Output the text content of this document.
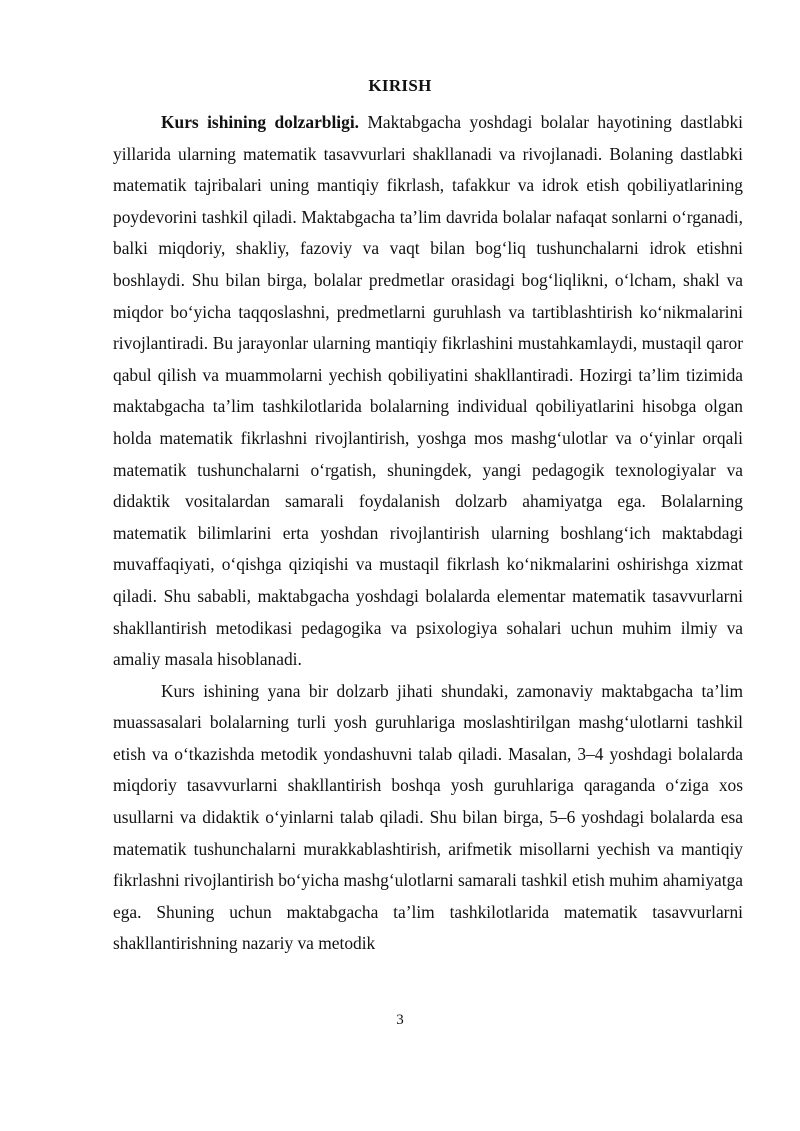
KIRISH

Kurs ishining dolzarbligi. Maktabgacha yoshdagi bolalar hayotining dastlabki yillarida ularning matematik tasavvurlari shakllanadi va rivojlanadi. Bolaning dastlabki matematik tajribalari uning mantiqiy fikrlash, tafakkur va idrok etish qobiliyatlarining poydevorini tashkil qiladi. Maktabgacha ta’lim davrida bolalar nafaqat sonlarni o‘rganadi, balki miqdoriy, shakliy, fazoviy va vaqt bilan bog‘liq tushunchalarni idrok etishni boshlaydi. Shu bilan birga, bolalar predmetlar orasidagi bog‘liqlikni, o‘lcham, shakl va miqdor bo‘yicha taqqoslashni, predmetlarni guruhlash va tartiblashtirish ko‘nikmalarini rivojlantiradi. Bu jarayonlar ularning mantiqiy fikrlashini mustahkamlaydi, mustaqil qaror qabul qilish va muammolarni yechish qobiliyatini shakllantiradi. Hozirgi ta’lim tizimida maktabgacha ta’lim tashkilotlarida bolalarning individual qobiliyatlarini hisobga olgan holda matematik fikrlashni rivojlantirish, yoshga mos mashg‘ulotlar va o‘yinlar orqali matematik tushunchalarni o‘rgatish, shuningdek, yangi pedagogik texnologiyalar va didaktik vositalardan samarali foydalanish dolzarb ahamiyatga ega. Bolalarning matematik bilimlarini erta yoshdan rivojlantirish ularning boshlang‘ich maktabdagi muvaffaqiyati, o‘qishga qiziqishi va mustaqil fikrlash ko‘nikmalarini oshirishga xizmat qiladi. Shu sababli, maktabgacha yoshdagi bolalarda elementar matematik tasavvurlarni shakllantirish metodikasi pedagogika va psixologiya sohalari uchun muhim ilmiy va amaliy masala hisoblanadi.

Kurs ishining yana bir dolzarb jihati shundaki, zamonaviy maktabgacha ta’lim muassasalari bolalarning turli yosh guruhlariga moslashtirilgan mashg‘ulotlarni tashkil etish va o‘tkazishda metodik yondashuvni talab qiladi. Masalan, 3–4 yoshdagi bolalarda miqdoriy tasavvurlarni shakllantirish boshqa yosh guruhlariga qaraganda o‘ziga xos usullarni va didaktik o‘yinlarni talab qiladi. Shu bilan birga, 5–6 yoshdagi bolalarda esa matematik tushunchalarni murakkablashtirish, arifmetik misollarni yechish va mantiqiy fikrlashni rivojlantirish bo‘yicha mashg‘ulotlarni samarali tashkil etish muhim ahamiyatga ega. Shuning uchun maktabgacha ta’lim tashkilotlarida matematik tasavvurlarni shakllantirishning nazariy va metodik

3
